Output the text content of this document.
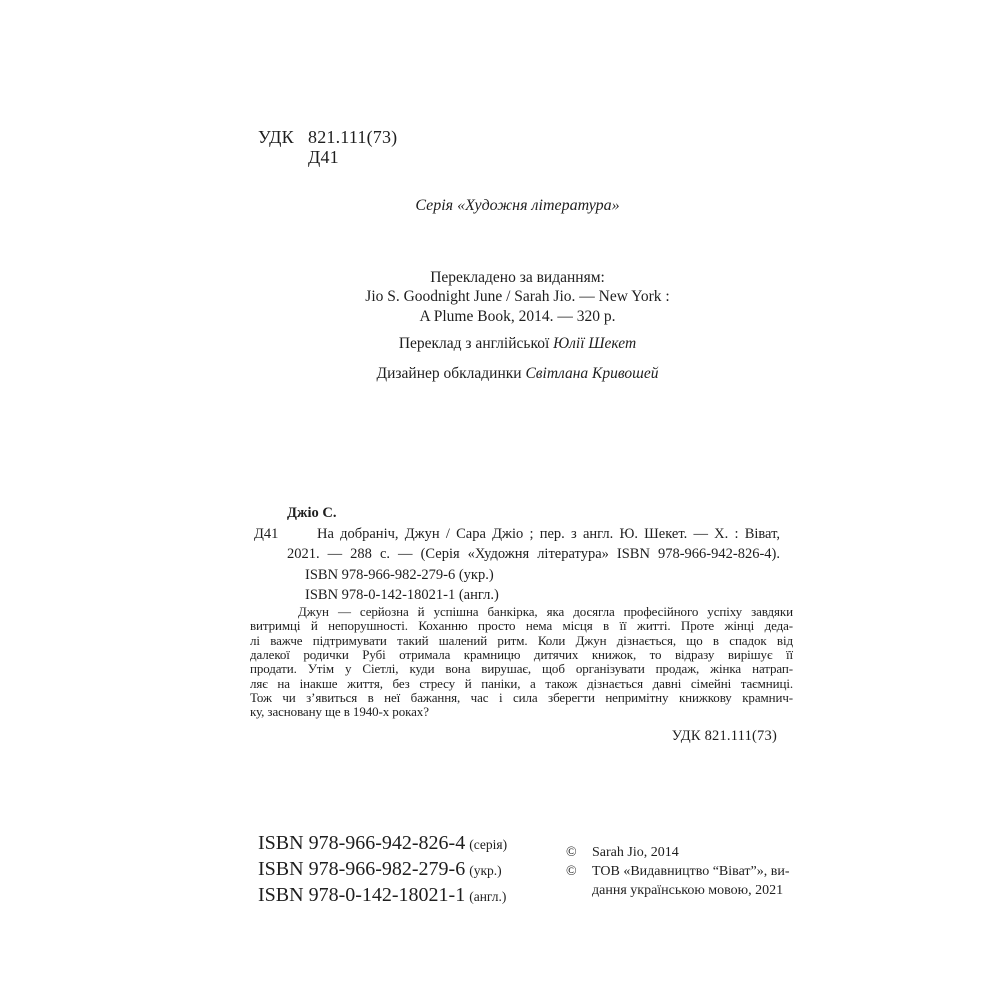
УДК 821.111(73)
Д41
Серія «Художня література»
Перекладено за виданням:
Jio S. Goodnight June / Sarah Jio. — New York :
A Plume Book, 2014. — 320 р.
Переклад з англійської Юлії Шекет
Дизайнер обкладинки Світлана Кривошей
Джіо С.
Д41	На добраніч, Джун / Сара Джіо ; пер. з англ. Ю. Шекет. — Х. : Віват,
2021. — 288 с. — (Серія «Художня література» ISBN 978-966-942-826-4).
ISBN 978-966-982-279-6 (укр.)
ISBN 978-0-142-18021-1 (англ.)
Джун — серйозна й успішна банкірка, яка досягла професійного успіху завдяки
витримці й непорушності. Коханню просто нема місця в її житті. Проте жінці деда-
лі важче підтримувати такий шалений ритм. Коли Джун дізнається, що в спадок від
далекої родички Рубі отримала крамницю дитячих книжок, то відразу вирішує її
продати. Утім у Сіетлі, куди вона вирушає, щоб організувати продаж, жінка натрап-
ляє на інакше життя, без стресу й паніки, а також дізнається давні сімейні таємниці.
Тож чи з’явиться в неї бажання, час і сила зберегти непримітну книжкову крамнич-
ку, засновану ще в 1940-х роках?
УДК 821.111(73)
ISBN 978-966-942-826-4 (серія)
ISBN 978-966-982-279-6 (укр.)
ISBN 978-0-142-18021-1 (англ.)
©	Sarah Jio, 2014
©	ТОВ «Видавництво “Віват”», ви-
дання українською мовою, 2021
